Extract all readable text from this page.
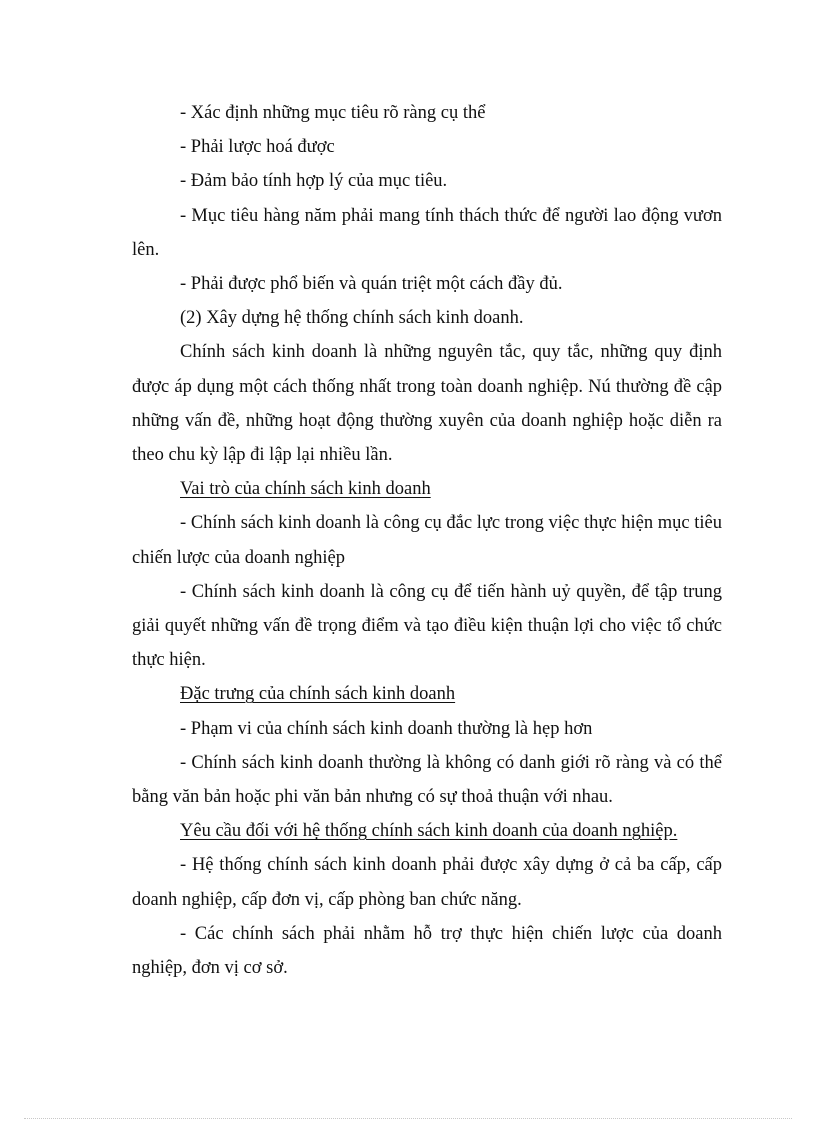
- Xác định những mục tiêu rõ ràng cụ thể

- Phải lược hoá được

- Đảm bảo tính hợp lý của mục tiêu.

- Mục tiêu hàng năm phải mang tính thách thức để người lao động vươn lên.

- Phải được phổ biến và quán triệt một cách đầy đủ.

(2) Xây dựng hệ thống chính sách kinh doanh.

Chính sách kinh doanh là những nguyên tắc, quy tắc, những quy định được áp dụng một cách thống nhất trong toàn doanh nghiệp. Nú thường đề cập những vấn đề, những hoạt động thường xuyên của doanh nghiệp hoặc diễn ra theo chu kỳ lập đi lập lại nhiều lần.

Vai trò của chính sách kinh doanh

- Chính sách kinh doanh là công cụ đắc lực trong việc thực hiện mục tiêu chiến lược của doanh nghiệp

- Chính sách kinh doanh là công cụ để tiến hành uỷ quyền, để tập trung giải quyết những vấn đề trọng điểm và tạo điều kiện thuận lợi cho việc tổ chức thực hiện.

Đặc trưng của chính sách kinh doanh

- Phạm vi của chính sách kinh doanh thường là hẹp hơn

- Chính sách kinh doanh thường là không có danh giới rõ ràng và có thể bằng văn bản hoặc phi văn bản nhưng có sự thoả thuận với nhau.

Yêu cầu đối với hệ thống chính sách kinh doanh của doanh nghiệp.

- Hệ thống chính sách kinh doanh phải được xây dựng ở cả ba cấp, cấp doanh nghiệp, cấp đơn vị, cấp phòng ban chức năng.

- Các chính sách phải nhằm hỗ trợ thực hiện chiến lược của doanh nghiệp, đơn vị cơ sở.
